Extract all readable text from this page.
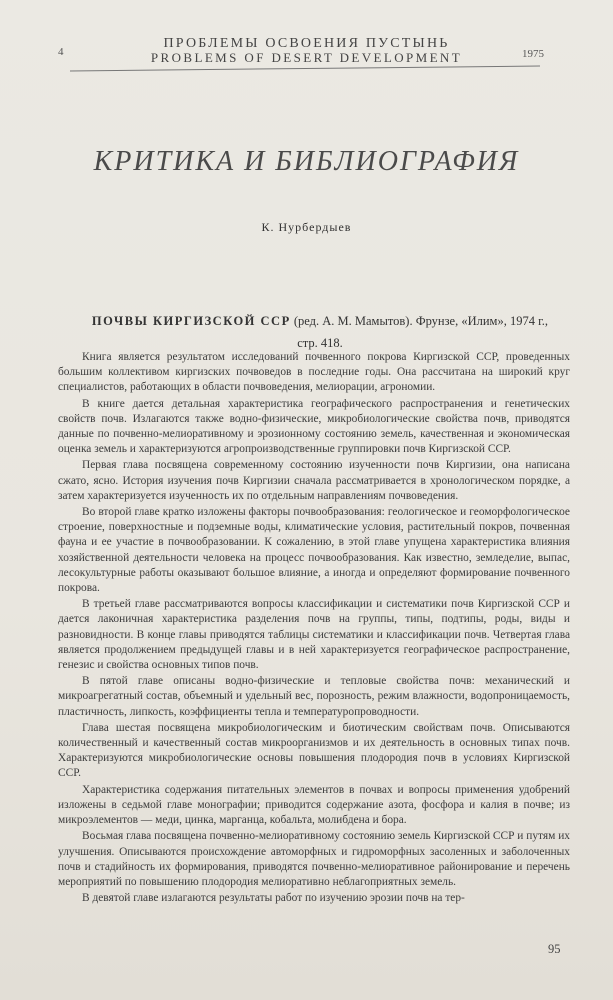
4
ПРОБЛЕМЫ ОСВОЕНИЯ ПУСТЫНЬ
PROBLEMS OF DESERT DEVELOPMENT	1975
КРИТИКА И БИБЛИОГРАФИЯ
К. Нурбердыев
ПОЧВЫ КИРГИЗСКОЙ ССР (ред. А. М. Мамытов). Фрунзе, «Илим», 1974 г.,
стр. 418.

Книга является результатом исследований почвенного покрова Киргизской ССР, проведенных большим коллективом киргизских почвоведов в последние годы. Она рассчитана на широкий круг специалистов, работающих в области почвоведения, мелиорации, агрономии.

В книге дается детальная характеристика географического распространения и генетических свойств почв. Излагаются также водно-физические, микробиологические свойства почв, приводятся данные по почвенно-мелиоративному и эрозионному состоянию земель, качественная и экономическая оценка земель и характеризуются агропроизводственные группировки почв Киргизской ССР.

Первая глава посвящена современному состоянию изученности почв Киргизии, она написана сжато, ясно. История изучения почв Киргизии сначала рассматривается в хронологическом порядке, а затем характеризуется изученность их по отдельным направлениям почвоведения.

Во второй главе кратко изложены факторы почвообразования: геологическое и геоморфологическое строение, поверхностные и подземные воды, климатические условия, растительный покров, почвенная фауна и ее участие в почвообразовании. К сожалению, в этой главе упущена характеристика влияния хозяйственной деятельности человека на процесс почвообразования. Как известно, земледелие, выпас, лесокультурные работы оказывают большое влияние, а иногда и определяют формирование почвенного покрова.

В третьей главе рассматриваются вопросы классификации и систематики почв Киргизской ССР и дается лаконичная характеристика разделения почв на группы, типы, подтипы, роды, виды и разновидности. В конце главы приводятся таблицы систематики и классификации почв. Четвертая глава является продолжением предыдущей главы и в ней характеризуется географическое распространение, генезис и свойства основных типов почв.

В пятой главе описаны водно-физические и тепловые свойства почв: механический и микроагрегатный состав, объемный и удельный вес, порозность, режим влажности, водопроницаемость, пластичность, липкость, коэффициенты тепла и температуропроводности.

Глава шестая посвящена микробиологическим и биотическим свойствам почв. Описываются количественный и качественный состав микроорганизмов и их деятельность в основных типах почв. Характеризуются микробиологические основы повышения плодородия почв в условиях Киргизской ССР.

Характеристика содержания питательных элементов в почвах и вопросы применения удобрений изложены в седьмой главе монографии; приводится содержание азота, фосфора и калия в почве; из микроэлементов — меди, цинка, марганца, кобальта, молибдена и бора.

Восьмая глава посвящена почвенно-мелиоративному состоянию земель Киргизской ССР и путям их улучшения. Описываются происхождение автоморфных и гидроморфных засоленных и заболоченных почв и стадийность их формирования, приводятся почвенно-мелиоративное районирование и перечень мероприятий по повышению плодородия мелиоративно неблагоприятных земель.

В девятой главе излагаются результаты работ по изучению эрозии почв на тер-

95
